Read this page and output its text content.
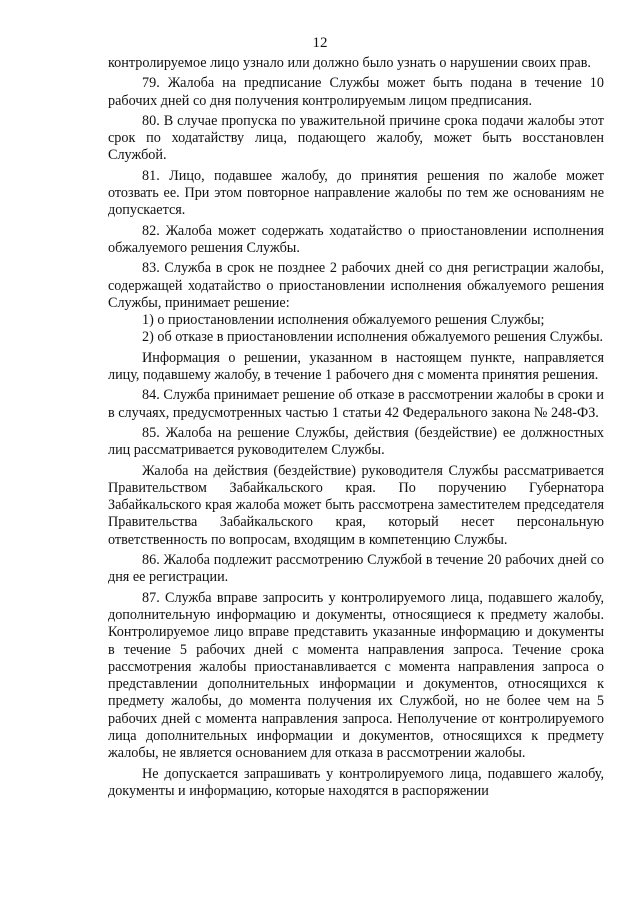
12

контролируемое лицо узнало или должно было узнать о нарушении своих прав.

79. Жалоба на предписание Службы может быть подана в течение 10 рабочих дней со дня получения контролируемым лицом предписания.

80. В случае пропуска по уважительной причине срока подачи жалобы этот срок по ходатайству лица, подающего жалобу, может быть восстановлен Службой.

81. Лицо, подавшее жалобу, до принятия решения по жалобе может отозвать ее. При этом повторное направление жалобы по тем же основаниям не допускается.

82. Жалоба может содержать ходатайство о приостановлении исполнения обжалуемого решения Службы.

83. Служба в срок не позднее 2 рабочих дней со дня регистрации жалобы, содержащей ходатайство о приостановлении исполнения обжалуемого решения Службы, принимает решение:

1) о приостановлении исполнения обжалуемого решения Службы;

2) об отказе в приостановлении исполнения обжалуемого решения Службы.

Информация о решении, указанном в настоящем пункте, направляется лицу, подавшему жалобу, в течение 1 рабочего дня с момента принятия решения.

84. Служба принимает решение об отказе в рассмотрении жалобы в сроки и в случаях, предусмотренных частью 1 статьи 42 Федерального закона № 248-ФЗ.

85. Жалоба на решение Службы, действия (бездействие) ее должностных лиц рассматривается руководителем Службы.

Жалоба на действия (бездействие) руководителя Службы рассматривается Правительством Забайкальского края. По поручению Губернатора Забайкальского края жалоба может быть рассмотрена заместителем председателя Правительства Забайкальского края, который несет персональную ответственность по вопросам, входящим в компетенцию Службы.

86. Жалоба подлежит рассмотрению Службой в течение 20 рабочих дней со дня ее регистрации.

87. Служба вправе запросить у контролируемого лица, подавшего жалобу, дополнительную информацию и документы, относящиеся к предмету жалобы. Контролируемое лицо вправе представить указанные информацию и документы в течение 5 рабочих дней с момента направления запроса. Течение срока рассмотрения жалобы приостанавливается с момента направления запроса о представлении дополнительных информации и документов, относящихся к предмету жалобы, до момента получения их Службой, но не более чем на 5 рабочих дней с момента направления запроса. Неполучение от контролируемого лица дополнительных информации и документов, относящихся к предмету жалобы, не является основанием для отказа в рассмотрении жалобы.

Не допускается запрашивать у контролируемого лица, подавшего жалобу, документы и информацию, которые находятся в распоряжении
